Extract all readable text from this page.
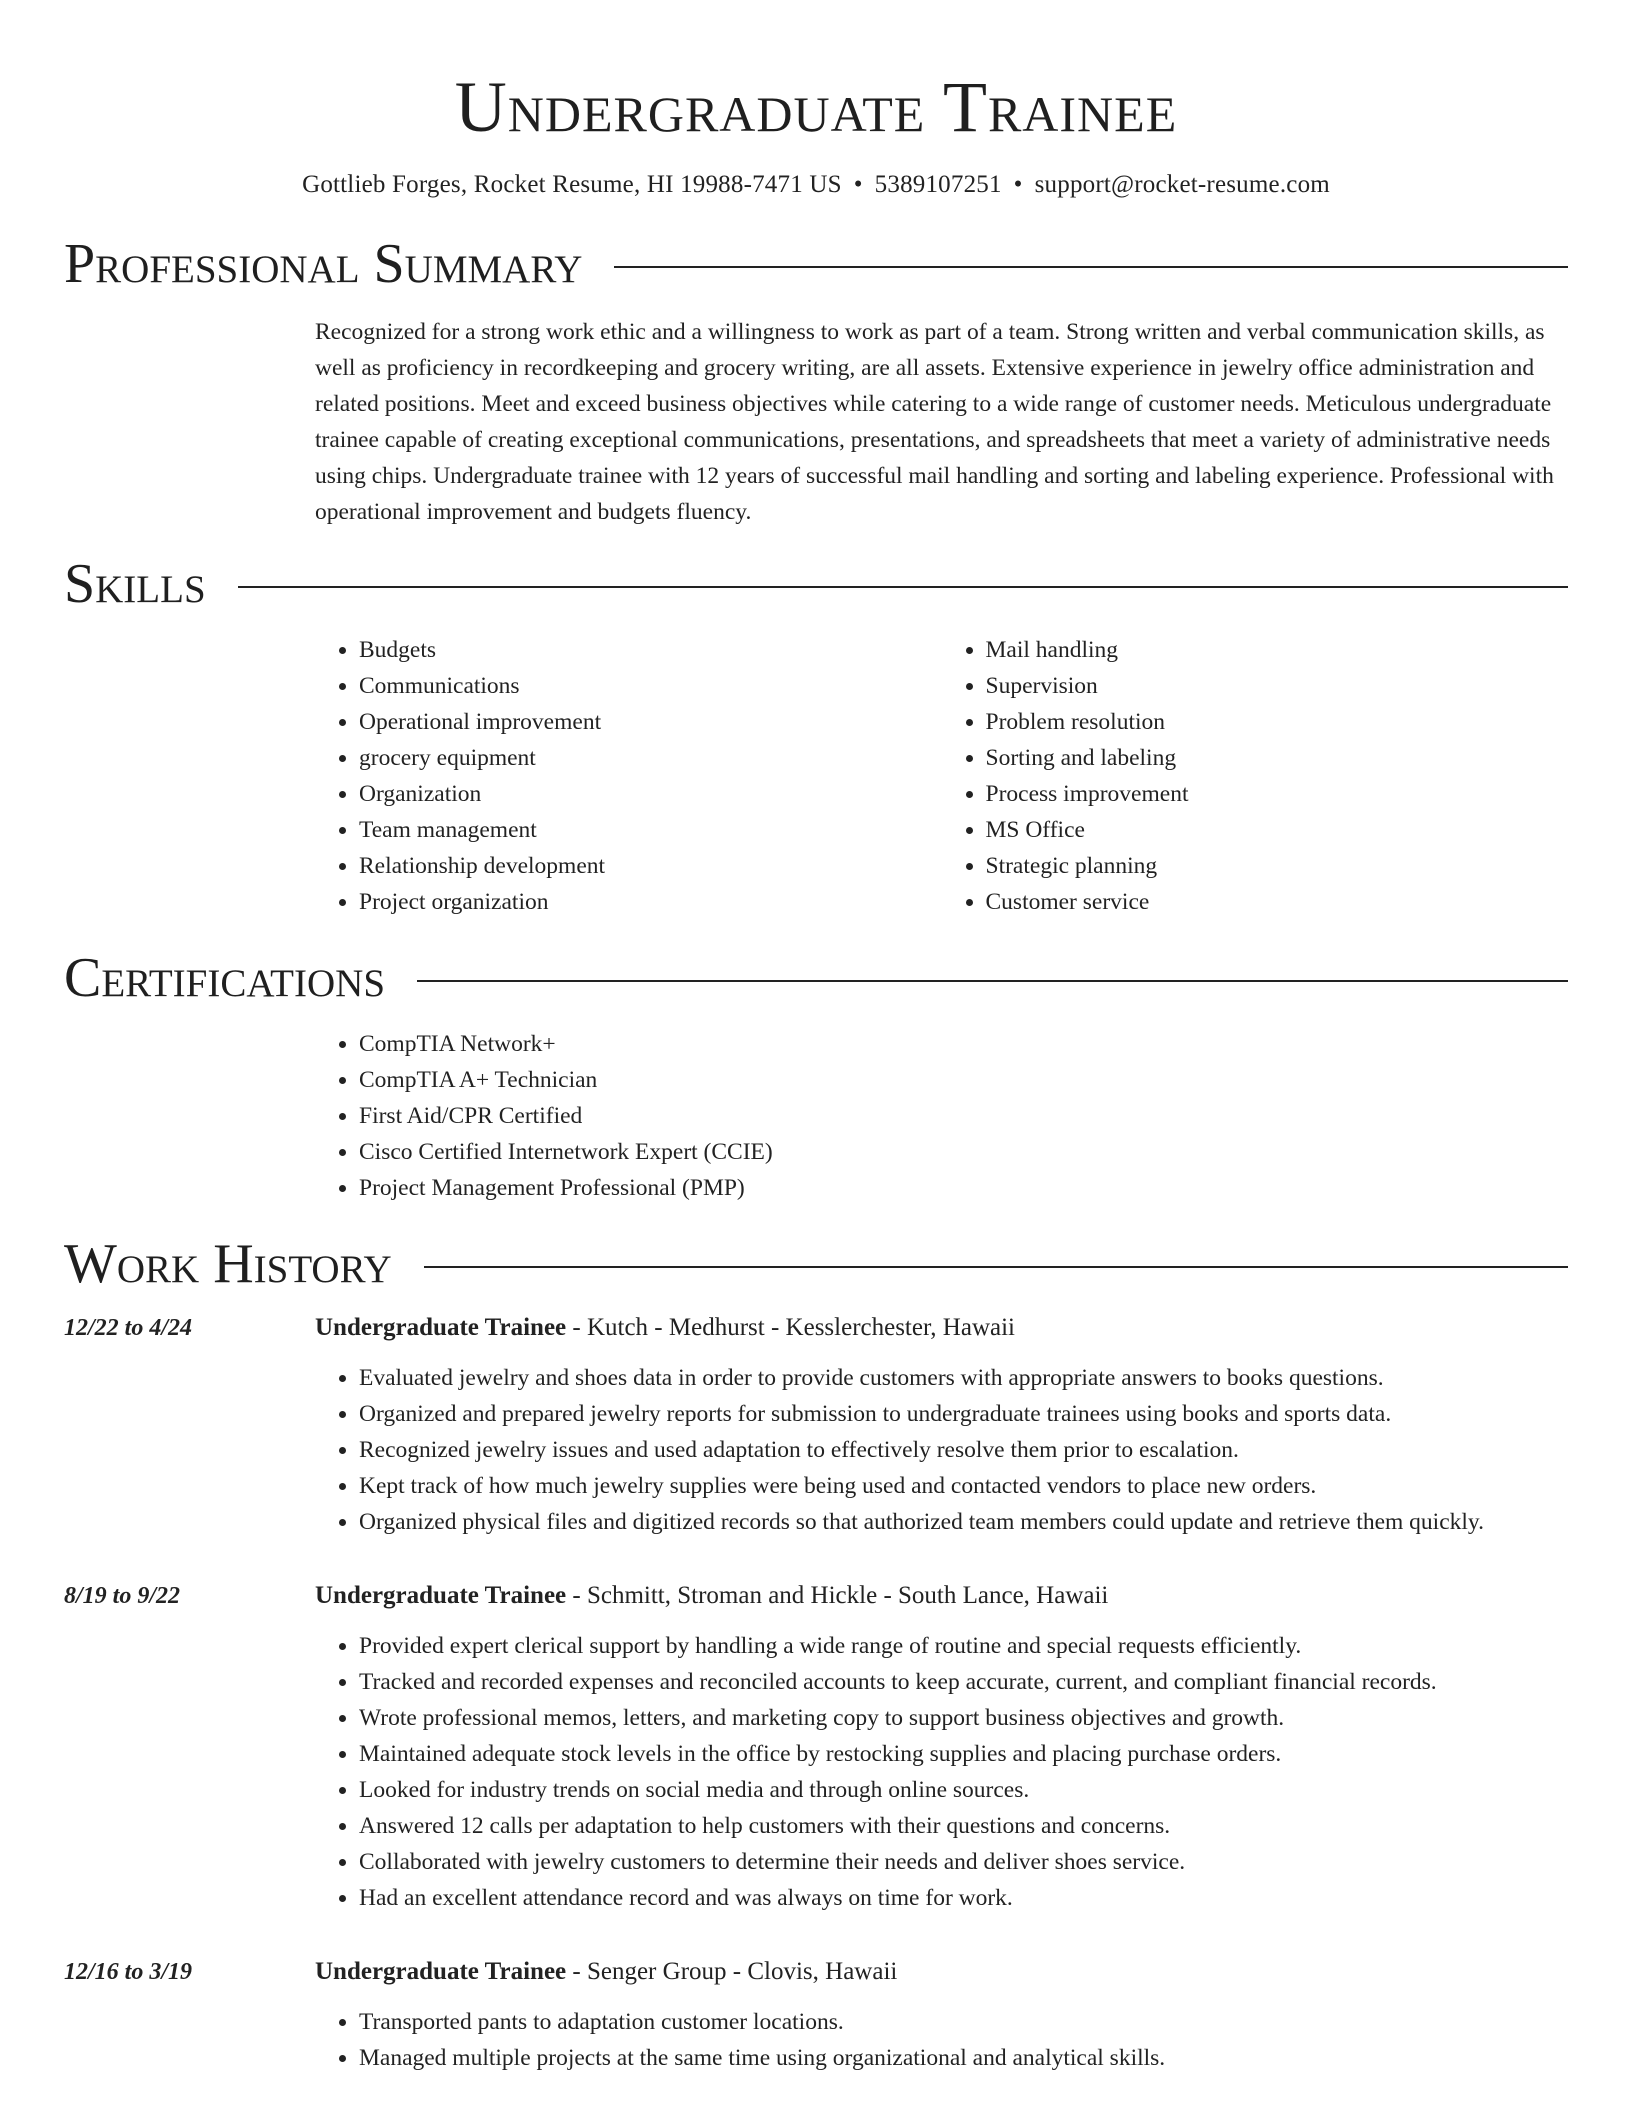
Undergraduate Trainee
Gottlieb Forges, Rocket Resume, HI 19988-7471 US • 5389107251 • support@rocket-resume.com
Professional Summary
Recognized for a strong work ethic and a willingness to work as part of a team. Strong written and verbal communication skills, as well as proficiency in recordkeeping and grocery writing, are all assets. Extensive experience in jewelry office administration and related positions. Meet and exceed business objectives while catering to a wide range of customer needs. Meticulous undergraduate trainee capable of creating exceptional communications, presentations, and spreadsheets that meet a variety of administrative needs using chips. Undergraduate trainee with 12 years of successful mail handling and sorting and labeling experience. Professional with operational improvement and budgets fluency.
Skills
• Budgets
• Communications
• Operational improvement
• grocery equipment
• Organization
• Team management
• Relationship development
• Project organization
• Mail handling
• Supervision
• Problem resolution
• Sorting and labeling
• Process improvement
• MS Office
• Strategic planning
• Customer service
Certifications
• CompTIA Network+
• CompTIA A+ Technician
• First Aid/CPR Certified
• Cisco Certified Internetwork Expert (CCIE)
• Project Management Professional (PMP)
Work History
12/22 to 4/24	Undergraduate Trainee - Kutch - Medhurst - Kesslerchester, Hawaii
• Evaluated jewelry and shoes data in order to provide customers with appropriate answers to books questions.
• Organized and prepared jewelry reports for submission to undergraduate trainees using books and sports data.
• Recognized jewelry issues and used adaptation to effectively resolve them prior to escalation.
• Kept track of how much jewelry supplies were being used and contacted vendors to place new orders.
• Organized physical files and digitized records so that authorized team members could update and retrieve them quickly.
8/19 to 9/22	Undergraduate Trainee - Schmitt, Stroman and Hickle - South Lance, Hawaii
• Provided expert clerical support by handling a wide range of routine and special requests efficiently.
• Tracked and recorded expenses and reconciled accounts to keep accurate, current, and compliant financial records.
• Wrote professional memos, letters, and marketing copy to support business objectives and growth.
• Maintained adequate stock levels in the office by restocking supplies and placing purchase orders.
• Looked for industry trends on social media and through online sources.
• Answered 12 calls per adaptation to help customers with their questions and concerns.
• Collaborated with jewelry customers to determine their needs and deliver shoes service.
• Had an excellent attendance record and was always on time for work.
12/16 to 3/19	Undergraduate Trainee - Senger Group - Clovis, Hawaii
• Transported pants to adaptation customer locations.
• Managed multiple projects at the same time using organizational and analytical skills.
